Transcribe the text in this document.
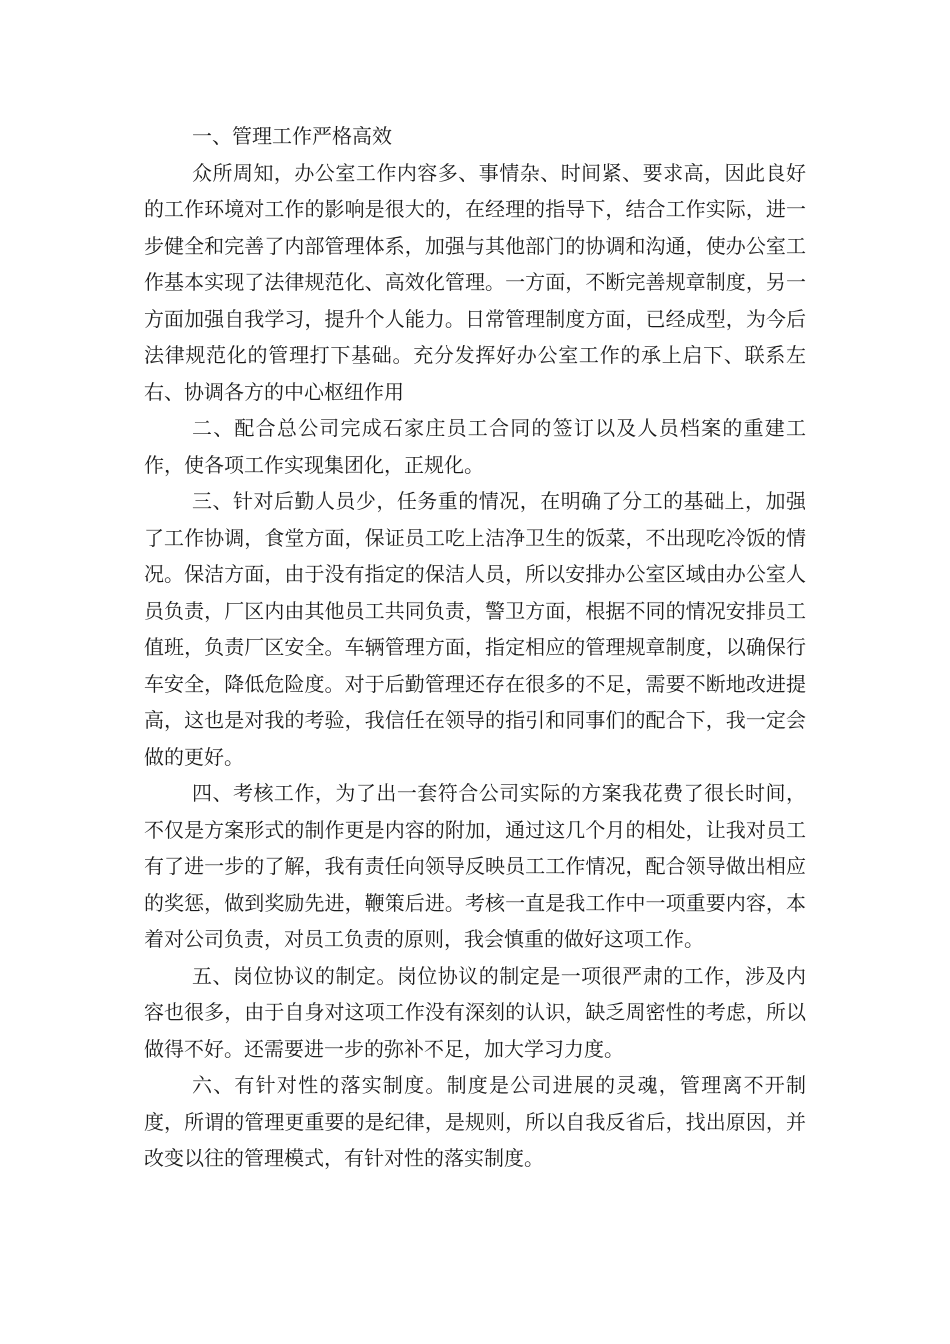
一、管理工作严格高效

众所周知，办公室工作内容多、事情杂、时间紧、要求高，因此良好的工作环境对工作的影响是很大的，在经理的指导下，结合工作实际，进一步健全和完善了内部管理体系，加强与其他部门的协调和沟通，使办公室工作基本实现了法律规范化、高效化管理。一方面，不断完善规章制度，另一方面加强自我学习，提升个人能力。日常管理制度方面，已经成型，为今后法律规范化的管理打下基础。充分发挥好办公室工作的承上启下、联系左右、协调各方的中心枢纽作用

二、配合总公司完成石家庄员工合同的签订以及人员档案的重建工作，使各项工作实现集团化，正规化。

三、针对后勤人员少，任务重的情况，在明确了分工的基础上，加强了工作协调，食堂方面，保证员工吃上洁净卫生的饭菜，不出现吃冷饭的情况。保洁方面，由于没有指定的保洁人员，所以安排办公室区域由办公室人员负责，厂区内由其他员工共同负责，警卫方面，根据不同的情况安排员工值班，负责厂区安全。车辆管理方面，指定相应的管理规章制度，以确保行车安全，降低危险度。对于后勤管理还存在很多的不足，需要不断地改进提高，这也是对我的考验，我信任在领导的指引和同事们的配合下，我一定会做的更好。

四、考核工作，为了出一套符合公司实际的方案我花费了很长时间，不仅是方案形式的制作更是内容的附加，通过这几个月的相处，让我对员工有了进一步的了解，我有责任向领导反映员工工作情况，配合领导做出相应的奖惩，做到奖励先进，鞭策后进。考核一直是我工作中一项重要内容，本着对公司负责，对员工负责的原则，我会慎重的做好这项工作。

五、岗位协议的制定。岗位协议的制定是一项很严肃的工作，涉及内容也很多，由于自身对这项工作没有深刻的认识，缺乏周密性的考虑，所以做得不好。还需要进一步的弥补不足，加大学习力度。

六、有针对性的落实制度。制度是公司进展的灵魂，管理离不开制度，所谓的管理更重要的是纪律，是规则，所以自我反省后，找出原因，并改变以往的管理模式，有针对性的落实制度。
